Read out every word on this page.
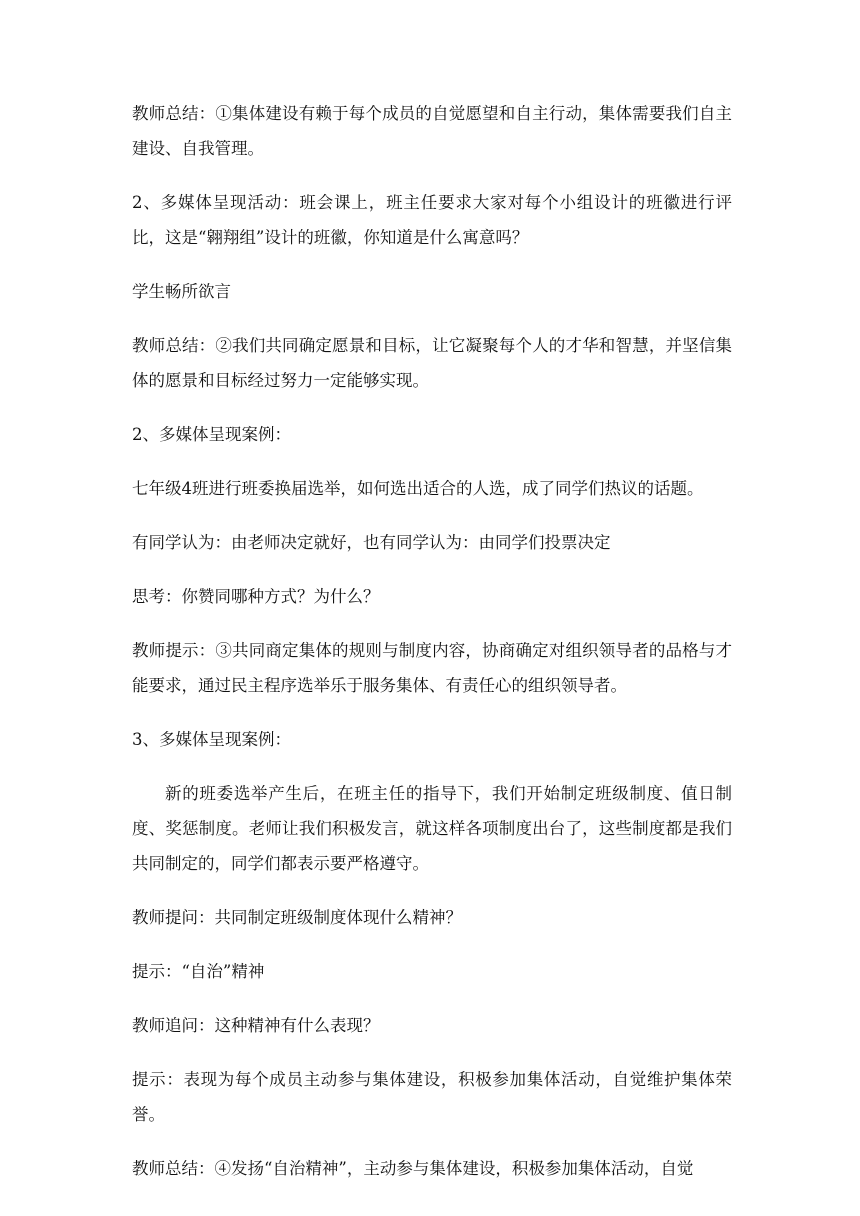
教师总结：①集体建设有赖于每个成员的自觉愿望和自主行动，集体需要我们自主建设、自我管理。

2、多媒体呈现活动：班会课上，班主任要求大家对每个小组设计的班徽进行评比，这是“翱翔组”设计的班徽，你知道是什么寓意吗？

学生畅所欲言

教师总结：②我们共同确定愿景和目标，让它凝聚每个人的才华和智慧，并坚信集体的愿景和目标经过努力一定能够实现。

2、多媒体呈现案例：

七年级4班进行班委换届选举，如何选出适合的人选，成了同学们热议的话题。

有同学认为：由老师决定就好，也有同学认为：由同学们投票决定

思考：你赞同哪种方式？为什么？

教师提示：③共同商定集体的规则与制度内容，协商确定对组织领导者的品格与才能要求，通过民主程序选举乐于服务集体、有责任心的组织领导者。

3、多媒体呈现案例：

新的班委选举产生后，在班主任的指导下，我们开始制定班级制度、值日制度、奖惩制度。老师让我们积极发言，就这样各项制度出台了，这些制度都是我们共同制定的，同学们都表示要严格遵守。

教师提问：共同制定班级制度体现什么精神？

提示：“自治”精神

教师追问：这种精神有什么表现？

提示：表现为每个成员主动参与集体建设，积极参加集体活动，自觉维护集体荣誉。

教师总结：④发扬“自治精神”，主动参与集体建设，积极参加集体活动，自觉
